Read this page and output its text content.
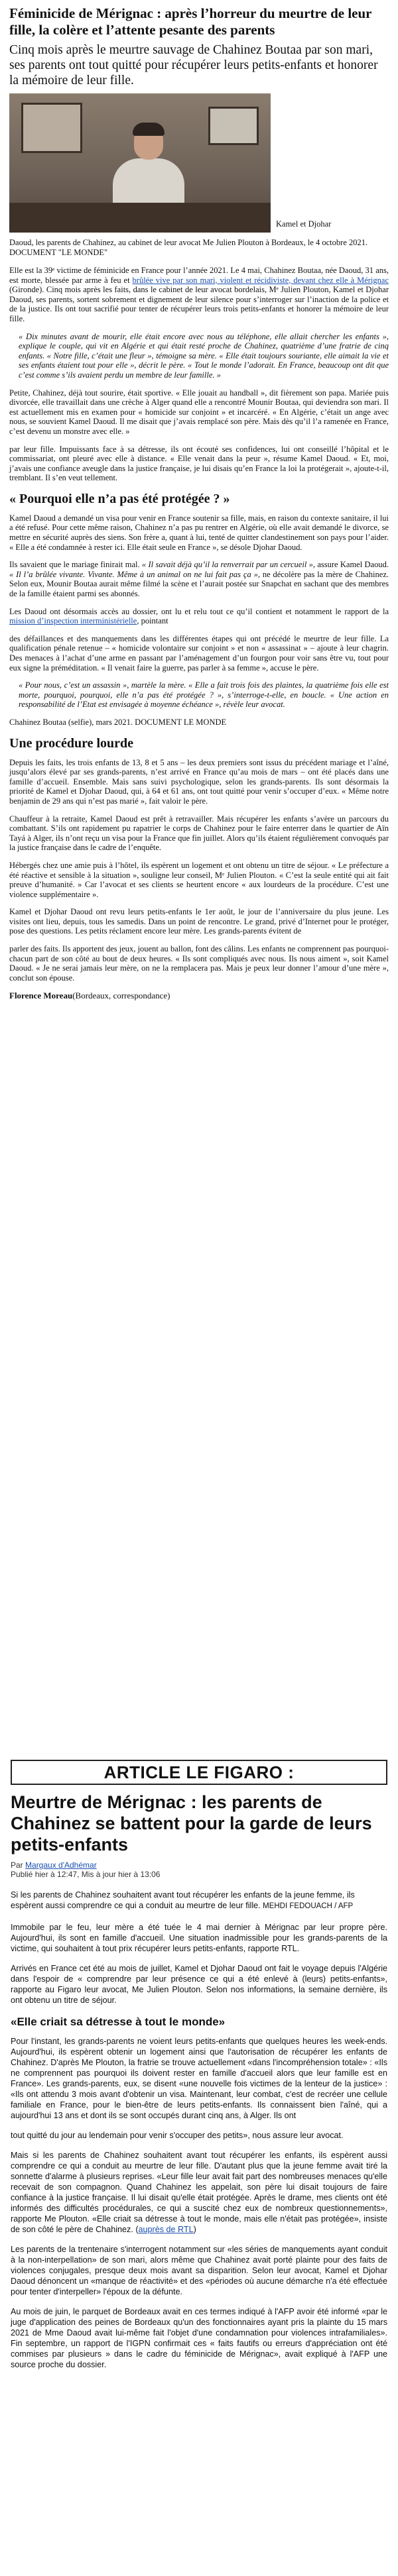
Féminicide de Mérignac : après l’horreur du meurtre de leur fille, la colère et l’attente pesante des parents

Cinq mois après le meurtre sauvage de Chahinez Boutaa par son mari, ses parents ont tout quitté pour récupérer leurs petits-enfants et honorer la mémoire de leur fille.

Kamel et Djohar

Daoud, les parents de Chahinez, au cabinet de leur avocat Me Julien Plouton à Bordeaux, le 4 octobre 2021. DOCUMENT "LE MONDE"

Elle est la 39ᵉ victime de féminicide en France pour l’année 2021. Le 4 mai, Chahinez Boutaa, née Daoud, 31 ans, est morte, blessée par arme à feu et brûlée vive par son mari, violent et récidiviste, devant chez elle à Mérignac (Gironde). Cinq mois après les faits, dans le cabinet de leur avocat bordelais, Mᵉ Julien Plouton, Kamel et Djohar Daoud, ses parents, sortent sobrement et dignement de leur silence pour s’interroger sur l’inaction de la police et de la justice. Ils ont tout sacrifié pour tenter de récupérer leurs trois petits-enfants et honorer la mémoire de leur fille.

« Dix minutes avant de mourir, elle était encore avec nous au téléphone, elle allait chercher les enfants », explique le couple, qui vit en Algérie et qui était resté proche de Chahinez, quatrième d’une fratrie de cinq enfants. « Notre fille, c’était une fleur », témoigne sa mère. « Elle était toujours souriante, elle aimait la vie et ses enfants étaient tout pour elle », décrit le père. « Tout le monde l’adorait. En France, beaucoup ont dit que c’est comme s’ils avaient perdu un membre de leur famille. »

Petite, Chahinez, déjà tout sourire, était sportive. « Elle jouait au handball », dit fièrement son papa. Mariée puis divorcée, elle travaillait dans une crèche à Alger quand elle a rencontré Mounir Boutaa, qui deviendra son mari. Il est actuellement mis en examen pour « homicide sur conjoint » et incarcéré. « En Algérie, c’était un ange avec nous, se souvient Kamel Daoud. Il me disait que j’avais remplacé son père. Mais dès qu’il l’a ramenée en France, c’est devenu un monstre avec elle. »

par leur fille. Impuissants face à sa détresse, ils ont écouté ses confidences, lui ont conseillé l’hôpital et le commissariat, ont pleuré avec elle à distance. « Elle venait dans la peur », résume Kamel Daoud. « Et, moi, j’avais une confiance aveugle dans la justice française, je lui disais qu’en France la loi la protégerait », ajoute-t-il, tremblant. Il s’en veut tellement.

« Pourquoi elle n’a pas été protégée ? »

Kamel Daoud a demandé un visa pour venir en France soutenir sa fille, mais, en raison du contexte sanitaire, il lui a été refusé. Pour cette même raison, Chahinez n’a pas pu rentrer en Algérie, où elle avait demandé le divorce, se mettre en sécurité auprès des siens. Son frère a, quant à lui, tenté de quitter clandestinement son pays pour l’aider. « Elle a été condamnée à rester ici. Elle était seule en France », se désole Djohar Daoud.

Ils savaient que le mariage finirait mal. « Il savait déjà qu’il la renverrait par un cercueil », assure Kamel Daoud. « Il l’a brûlée vivante. Vivante. Même à un animal on ne lui fait pas ça », ne décolère pas la mère de Chahinez. Selon eux, Mounir Boutaa aurait même filmé la scène et l’aurait postée sur Snapchat en sachant que des membres de la famille étaient parmi ses abonnés.

Les Daoud ont désormais accès au dossier, ont lu et relu tout ce qu’il contient et notamment le rapport de la mission d’inspection interministérielle, pointant

des défaillances et des manquements dans les différentes étapes qui ont précédé le meurtre de leur fille. La qualification pénale retenue – « homicide volontaire sur conjoint » et non « assassinat » – ajoute à leur chagrin. Des menaces à l’achat d’une arme en passant par l’aménagement d’un fourgon pour voir sans être vu, tout pour eux signe la préméditation. « Il venait faire la guerre, pas parler à sa femme », accuse le père.

« Pour nous, c’est un assassin », martèle la mère. « Elle a fait trois fois des plaintes, la quatrième fois elle est morte, pourquoi, pourquoi, elle n’a pas été protégée ? », s’interroge-t-elle, en boucle. « Une action en responsabilité de l’Etat est envisagée à moyenne échéance », révèle leur avocat.

Chahinez Boutaa (selfie), mars 2021. DOCUMENT LE MONDE

Une procédure lourde

Depuis les faits, les trois enfants de 13, 8 et 5 ans – les deux premiers sont issus du précédent mariage et l’aîné, jusqu’alors élevé par ses grands-parents, n’est arrivé en France qu’au mois de mars – ont été placés dans une famille d’accueil. Ensemble. Mais sans suivi psychologique, selon les grands-parents. Ils sont désormais la priorité de Kamel et Djohar Daoud, qui, à 64 et 61 ans, ont tout quitté pour venir s’occuper d’eux. « Même notre benjamin de 29 ans qui n’est pas marié », fait valoir le père.

Chauffeur à la retraite, Kamel Daoud est prêt à retravailler. Mais récupérer les enfants s’avère un parcours du combattant. S’ils ont rapidement pu rapatrier le corps de Chahinez pour le faire enterrer dans le quartier de Aïn Tayá à Alger, ils n’ont reçu un visa pour la France que fin juillet. Alors qu’ils étaient régulièrement convoqués par la justice française dans le cadre de l’enquête.

Hébergés chez une amie puis à l’hôtel, ils espèrent un logement et ont obtenu un titre de séjour. « Le préfecture a été réactive et sensible à la situation », souligne leur conseil, Mᵉ Julien Plouton. « C’est la seule entité qui ait fait preuve d’humanité. » Car l’avocat et ses clients se heurtent encore « aux lourdeurs de la procédure. C’est une violence supplémentaire ».

Kamel et Djohar Daoud ont revu leurs petits-enfants le 1er août, le jour de l’anniversaire du plus jeune. Les visites ont lieu, depuis, tous les samedis. Dans un point de rencontre. Le grand, privé d’Internet pour le protéger, pose des questions. Les petits réclament encore leur mère. Les grands-parents évitent de

parler des faits. Ils apportent des jeux, jouent au ballon, font des câlins. Les enfants ne comprennent pas pourquoi-chacun part de son côté au bout de deux heures. « Ils sont compliqués avec nous. Ils nous aiment », soit Kamel Daoud. « Je ne serai jamais leur mère, on ne la remplacera pas. Mais je peux leur donner l’amour d’une mère », conclut son épouse.

Florence Moreau(Bordeaux, correspondance)

ARTICLE LE FIGARO :
Meurtre de Mérignac : les parents de Chahinez se battent pour la garde de leurs petits-enfants

Par Margaux d'Adhémar

Publié hier à 12:47, Mis à jour hier à 13:06

Si les parents de Chahinez souhaitent avant tout récupérer les enfants de la jeune femme, ils espèrent aussi comprendre ce qui a conduit au meurtre de leur fille. MEHDI FEDOUACH / AFP

Immobile par le feu, leur mère a été tuée le 4 mai dernier à Mérignac par leur propre père. Aujourd'hui, ils sont en famille d'accueil. Une situation inadmissible pour les grands-parents de la victime, qui souhaitent à tout prix récupérer leurs petits-enfants, rapporte RTL.

Arrivés en France cet été au mois de juillet, Kamel et Djohar Daoud ont fait le voyage depuis l'Algérie dans l'espoir de « comprendre par leur présence ce qui a été enlevé à (leurs) petits-enfants», rapporte au Figaro leur avocat, Me Julien Plouton. Selon nos informations, la semaine dernière, ils ont obtenu un titre de séjour.

«Elle criait sa détresse à tout le monde»

Pour l'instant, les grands-parents ne voient leurs petits-enfants que quelques heures les week-ends. Aujourd'hui, ils espèrent obtenir un logement ainsi que l'autorisation de récupérer les enfants de Chahinez. D'après Me Plouton, la fratrie se trouve actuellement «dans l'incompréhension totale» : «Ils ne comprennent pas pourquoi ils doivent rester en famille d'accueil alors que leur famille est en France». Les grands-parents, eux, se disent «une nouvelle fois victimes de la lenteur de la justice» : «Ils ont attendu 3 mois avant d'obtenir un visa. Maintenant, leur combat, c'est de recréer une cellule familiale en France, pour le bien-être de leurs petits-enfants. Ils connaissent bien l'aîné, qui a aujourd'hui 13 ans et dont ils se sont occupés durant cinq ans, à Alger. Ils ont

tout quitté du jour au lendemain pour venir s'occuper des petits», nous assure leur avocat.

Mais si les parents de Chahinez souhaitent avant tout récupérer les enfants, ils espèrent aussi comprendre ce qui a conduit au meurtre de leur fille. D'autant plus que la jeune femme avait tiré la sonnette d'alarme à plusieurs reprises. «Leur fille leur avait fait part des nombreuses menaces qu'elle recevait de son compagnon. Quand Chahinez les appelait, son père lui disait toujours de faire confiance à la justice française. Il lui disait qu'elle était protégée. Après le drame, mes clients ont été informés des difficultés procédurales, ce qui a suscité chez eux de nombreux questionnements», rapporte Me Plouton. «Elle criait sa détresse à tout le monde, mais elle n'était pas protégée», insiste de son côté le père de Chahinez. (auprès de RTL)

Les parents de la trentenaire s'interrogent notamment sur «les séries de manquements ayant conduit à la non-interpellation» de son mari, alors même que Chahinez avait porté plainte pour des faits de violences conjugales, presque deux mois avant sa disparition. Selon leur avocat, Kamel et Djohar Daoud dénoncent un «manque de réactivité» et des «périodes où aucune démarche n'a été effectuée pour tenter d'interpeller» l'époux de la défunte.

Au mois de juin, le parquet de Bordeaux avait en ces termes indiqué à l'AFP avoir été informé «par le juge d'application des peines de Bordeaux qu'un des fonctionnaires ayant pris la plainte du 15 mars 2021 de Mme Daoud avait lui-même fait l'objet d'une condamnation pour violences intrafamiliales». Fin septembre, un rapport de l'IGPN confirmait ces « faits fautifs ou erreurs d'appréciation ont été commises par plusieurs » dans le cadre du féminicide de Mérignac», avait expliqué à l'AFP une source proche du dossier.
